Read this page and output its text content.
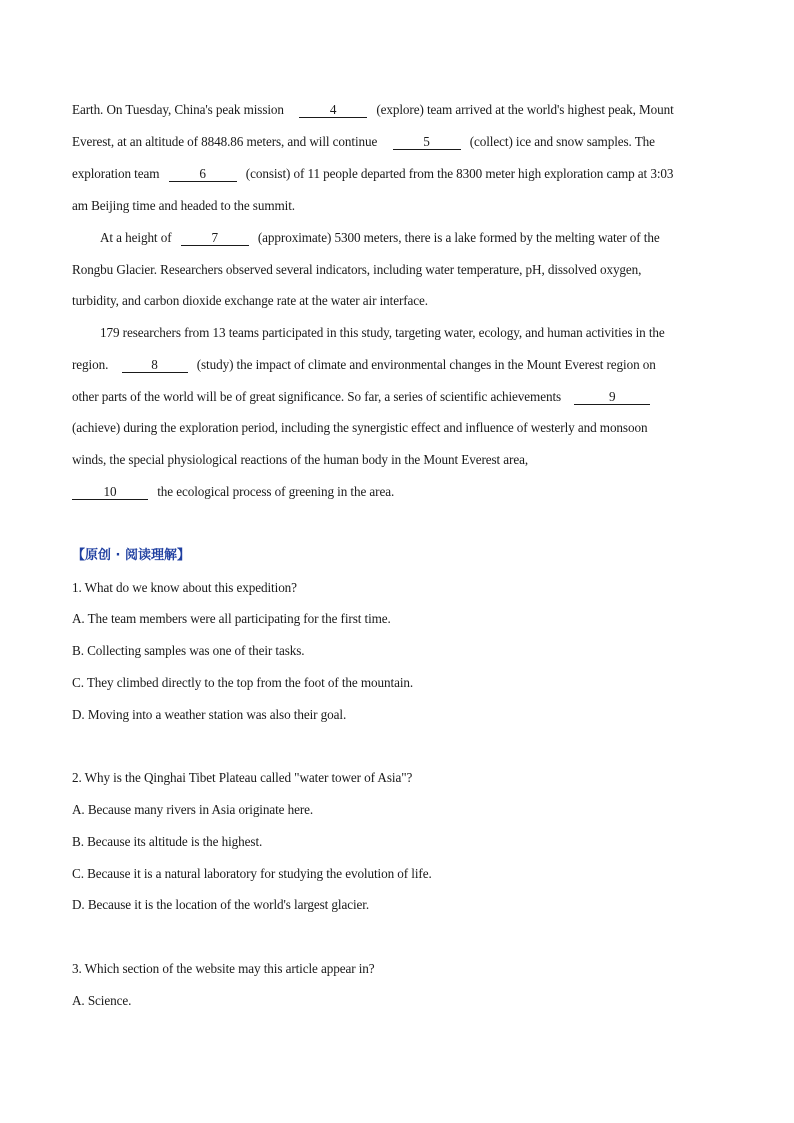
Earth. On Tuesday, China's peak mission	4	(explore) team arrived at the world's highest peak, Mount
Everest, at an altitude of 8848.86 meters, and will continue	5	(collect) ice and snow samples. The
exploration team	6	(consist) of 11 people departed from the 8300 meter high exploration camp at 3:03
am Beijing time and headed to the summit.
At a height of	7	(approximate) 5300 meters, there is a lake formed by the melting water of the
Rongbu Glacier. Researchers observed several indicators, including water temperature, pH, dissolved oxygen,
turbidity, and carbon dioxide exchange rate at the water air interface.
179 researchers from 13 teams participated in this study, targeting water, ecology, and human activities in the
region.	8	(study) the impact of climate and environmental changes in the Mount Everest region on
other parts of the world will be of great significance. So far, a series of scientific achievements	9
(achieve) during the exploration period, including the synergistic effect and influence of westerly and monsoon
winds, the special physiological reactions of the human body in the Mount Everest area,
10	the ecological process of greening in the area.
【原创 · 阅读理解】
1. What do we know about this expedition?
A. The team members were all participating for the first time.
B. Collecting samples was one of their tasks.
C. They climbed directly to the top from the foot of the mountain.
D. Moving into a weather station was also their goal.
2. Why is the Qinghai Tibet Plateau called "water tower of Asia"?
A. Because many rivers in Asia originate here.
B. Because its altitude is the highest.
C. Because it is a natural laboratory for studying the evolution of life.
D. Because it is the location of the world's largest glacier.
3. Which section of the website may this article appear in?
A. Science.
